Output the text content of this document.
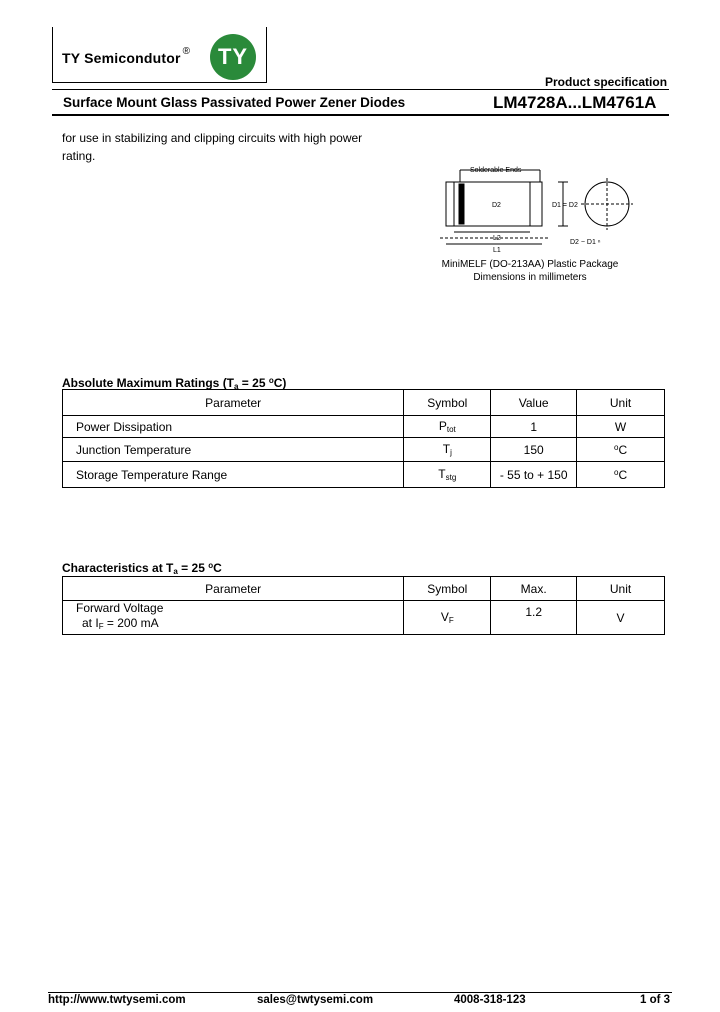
TY Semicondutor ®	TY
Product specification
Surface Mount Glass Passivated Power Zener Diodes	LM4728A...LM4761A
for use in stabilizing and clipping circuits with high power rating.
Solderable Ends
D2	D1 = D2
D2 − D1 ⁿ
L2
L1
MiniMELF (DO-213AA) Plastic Package
Dimensions in millimeters
Absolute Maximum Ratings ($T_a = 25$ $^o$C)
Parameter	Symbol	Value	Unit
Power Dissipation	$P_{tot}$	1	W
Junction Temperature	$T_j$	150	$^o$C
Storage Temperature Range	$T_{stg}$	- 55 to + 150	$^o$C
Characteristics at $T_a = 25$ $^o$C
Parameter	Symbol	Max.	Unit

Forward Voltage
at $I_F = 200$ mA	$V_F$	1.2	V
http://www.twtysemi.com	sales@twtysemi.com	4008-318-123	1 of 3
